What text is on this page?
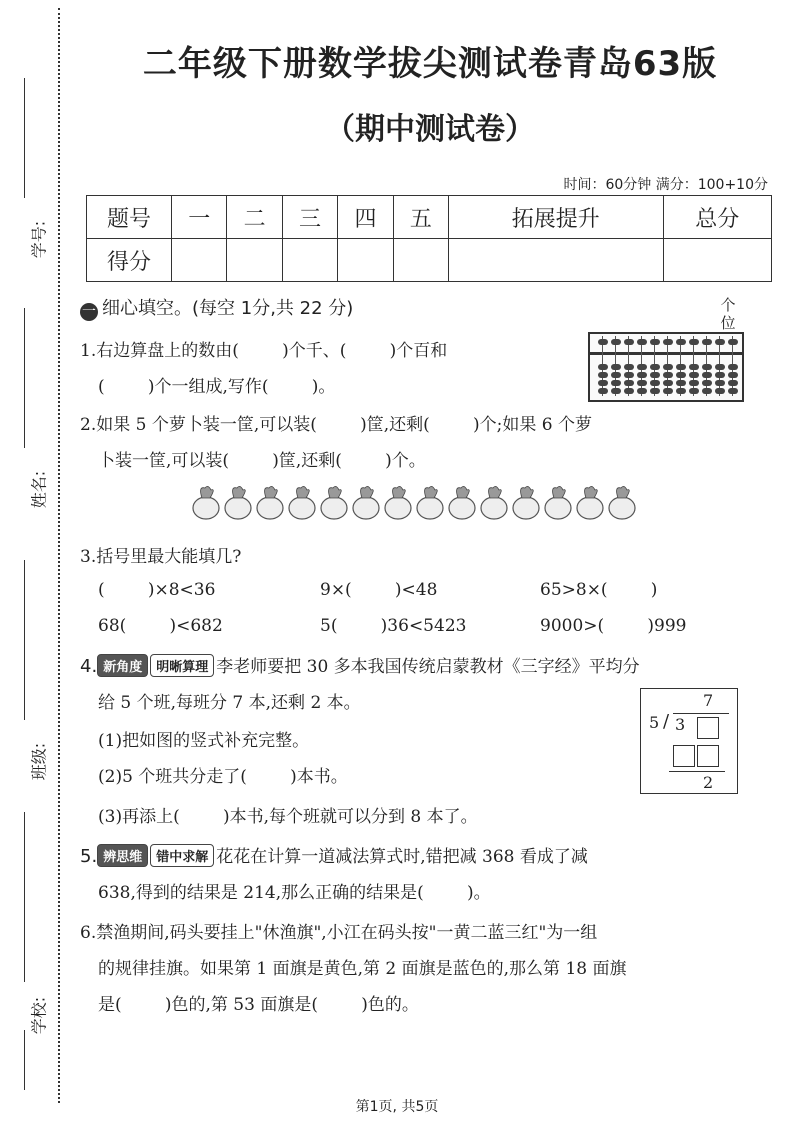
学号:
姓名:
班级:
学校:
二年级下册数学拔尖测试卷青岛63版
（期中测试卷）
时间：60分钟 满分：100+10分
题号	一	二	三	四	五	拓展提升	总分
得分							
一 细心填空。(每空 1分,共 22 分)
1.右边算盘上的数由(        )个千、(        )个百和
(        )个一组成,写作(        )。
个
位
2.如果 5 个萝卜装一筐,可以装(        )筐,还剩(        )个;如果 6 个萝
卜装一筐,可以装(        )筐,还剩(        )个。
3.括号里最大能填几?
(        )×8<36	9×(        )<48	65>8×(        )
68(        )<682	5(        )36<5423	9000>(        )999
4. 新角度 明晰算理 李老师要把 30 多本我国传统启蒙教材《三字经》平均分
给 5 个班,每班分 7 本,还剩 2 本。
(1)把如图的竖式补充完整。
(2)5 个班共分走了(        )本书。
(3)再添上(        )本书,每个班就可以分到 8 本了。
7
5 / 3
2
5. 辨思维 错中求解 花花在计算一道减法算式时,错把减 368 看成了减
638,得到的结果是 214,那么正确的结果是(        )。
6.禁渔期间,码头要挂上"休渔旗",小江在码头按"一黄二蓝三红"为一组
的规律挂旗。如果第 1 面旗是黄色,第 2 面旗是蓝色的,那么第 18 面旗
是(        )色的,第 53 面旗是(        )色的。
第1页, 共5页
